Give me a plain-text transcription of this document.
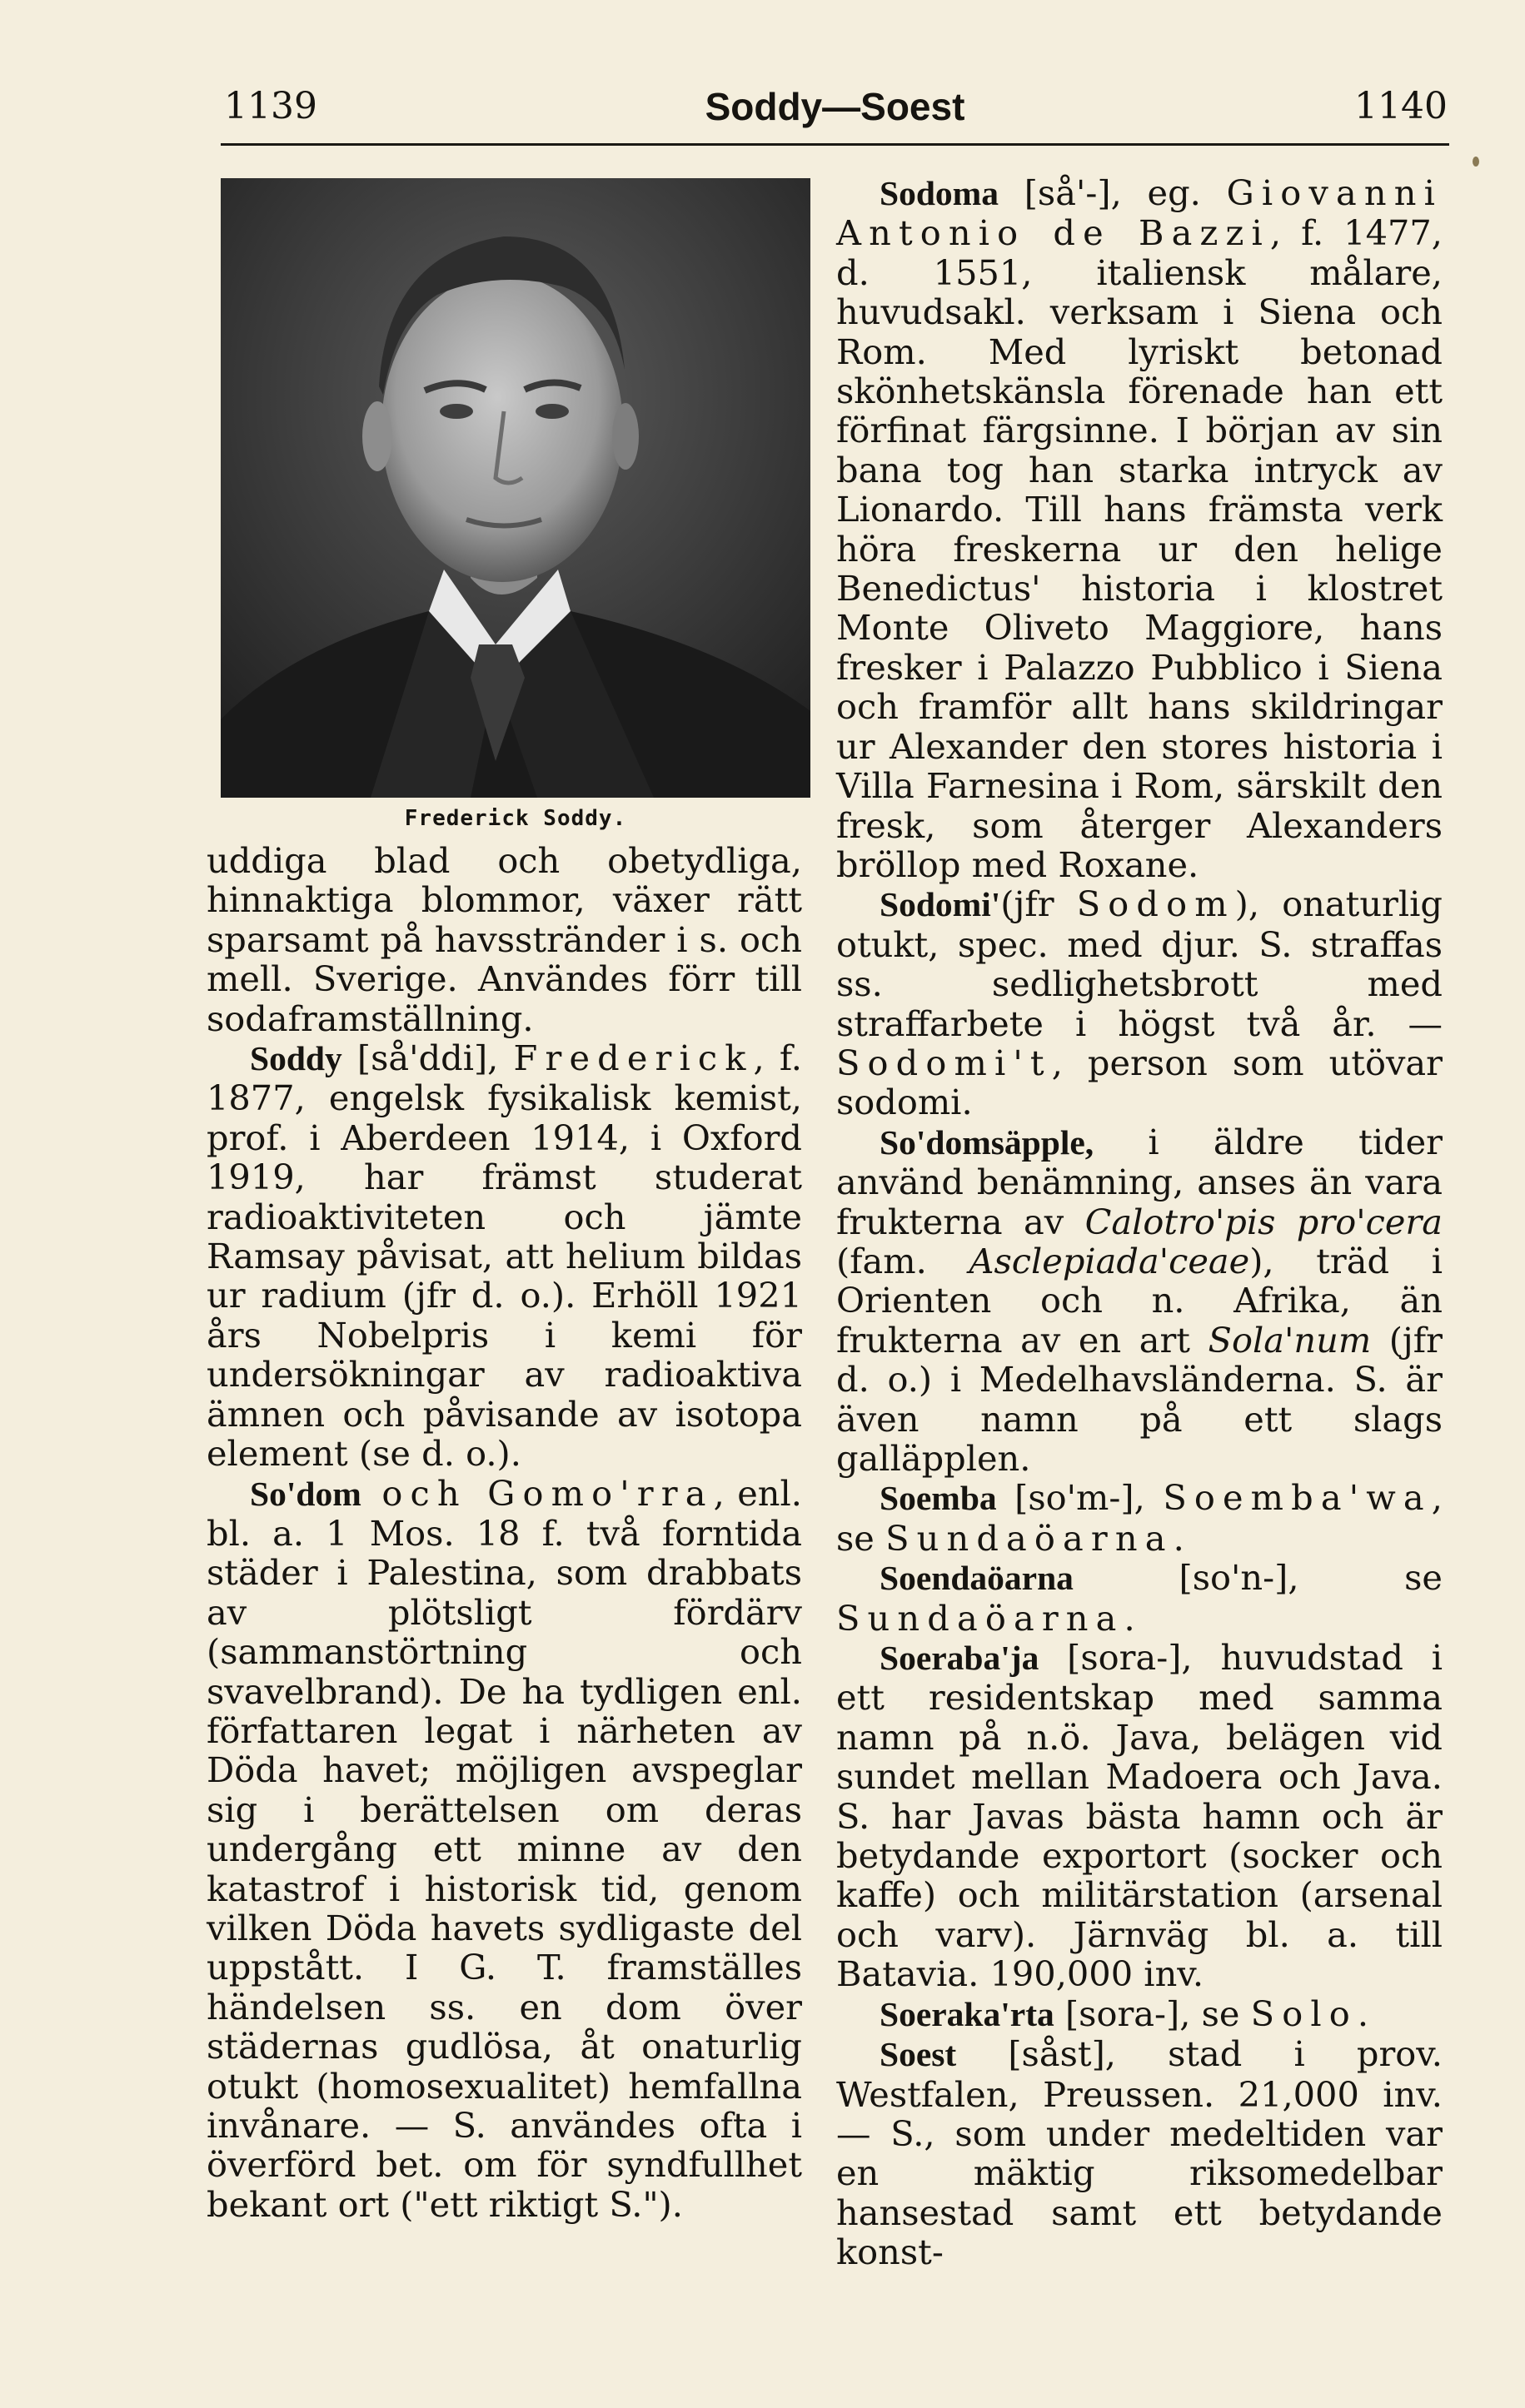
1139	Soddy—Soest	1140
Frederick Soddy.

uddiga blad och obetydliga, hinnaktiga blommor, växer rätt sparsamt på havsstränder i s. och mell. Sverige. Användes förr till sodaframställning.

Soddy [så'ddi], Frederick, f. 1877, engelsk fysikalisk kemist, prof. i Aberdeen 1914, i Oxford 1919, har främst studerat radioaktiviteten och jämte Ramsay påvisat, att helium bildas ur radium (jfr d. o.). Erhöll 1921 års Nobelpris i kemi för undersökningar av radioaktiva ämnen och påvisande av isotopa element (se d. o.).

So'dom och Gomo'rra, enl. bl. a. 1 Mos. 18 f. två forntida städer i Palestina, som drabbats av plötsligt fördärv (sammanstörtning och svavelbrand). De ha tydligen enl. författaren legat i närheten av Döda havet; möjligen avspeglar sig i berättelsen om deras undergång ett minne av den katastrof i historisk tid, genom vilken Döda havets sydligaste del uppstått. I G. T. framställes händelsen ss. en dom över städernas gudlösa, åt onaturlig otukt (homosexualitet) hemfallna invånare. — S. användes ofta i överförd bet. om för syndfullhet bekant ort ("ett riktigt S.").

Sodoma [så'-], eg. Giovanni Antonio de Bazzi, f. 1477, d. 1551, italiensk målare, huvudsakl. verksam i Siena och Rom. Med lyriskt betonad skönhetskänsla förenade han ett förfinat färgsinne. I början av sin bana tog han starka intryck av Lionardo. Till hans främsta verk höra freskerna ur den helige Benedictus' historia i klostret Monte Oliveto Maggiore, hans fresker i Palazzo Pubblico i Siena och framför allt hans skildringar ur Alexander den stores historia i Villa Farnesina i Rom, särskilt den fresk, som återger Alexanders bröllop med Roxane.

Sodomi'(jfr Sodom), onaturlig otukt, spec. med djur. S. straffas ss. sedlighetsbrott med straffarbete i högst två år. — Sodomi't, person som utövar sodomi.

So'domsäpple, i äldre tider använd benämning, anses än vara frukterna av Calotro'pis pro'cera (fam. Asclepiada'ceae), träd i Orienten och n. Afrika, än frukterna av en art Sola'num (jfr d. o.) i Medelhavsländerna. S. är även namn på ett slags galläpplen.

Soemba [so'm-], Soemba'wa, se Sundaöarna.

Soendaöarna [so'n-], se Sundaöarna.

Soeraba'ja [sora-], huvudstad i ett residentskap med samma namn på n.ö. Java, belägen vid sundet mellan Madoera och Java. S. har Javas bästa hamn och är betydande exportort (socker och kaffe) och militärstation (arsenal och varv). Järnväg bl. a. till Batavia. 190,000 inv.

Soeraka'rta [sora-], se Solo.

Soest [såst], stad i prov. Westfalen, Preussen. 21,000 inv. — S., som under medeltiden var en mäktig riksomedelbar hansestad samt ett betydande konst-
